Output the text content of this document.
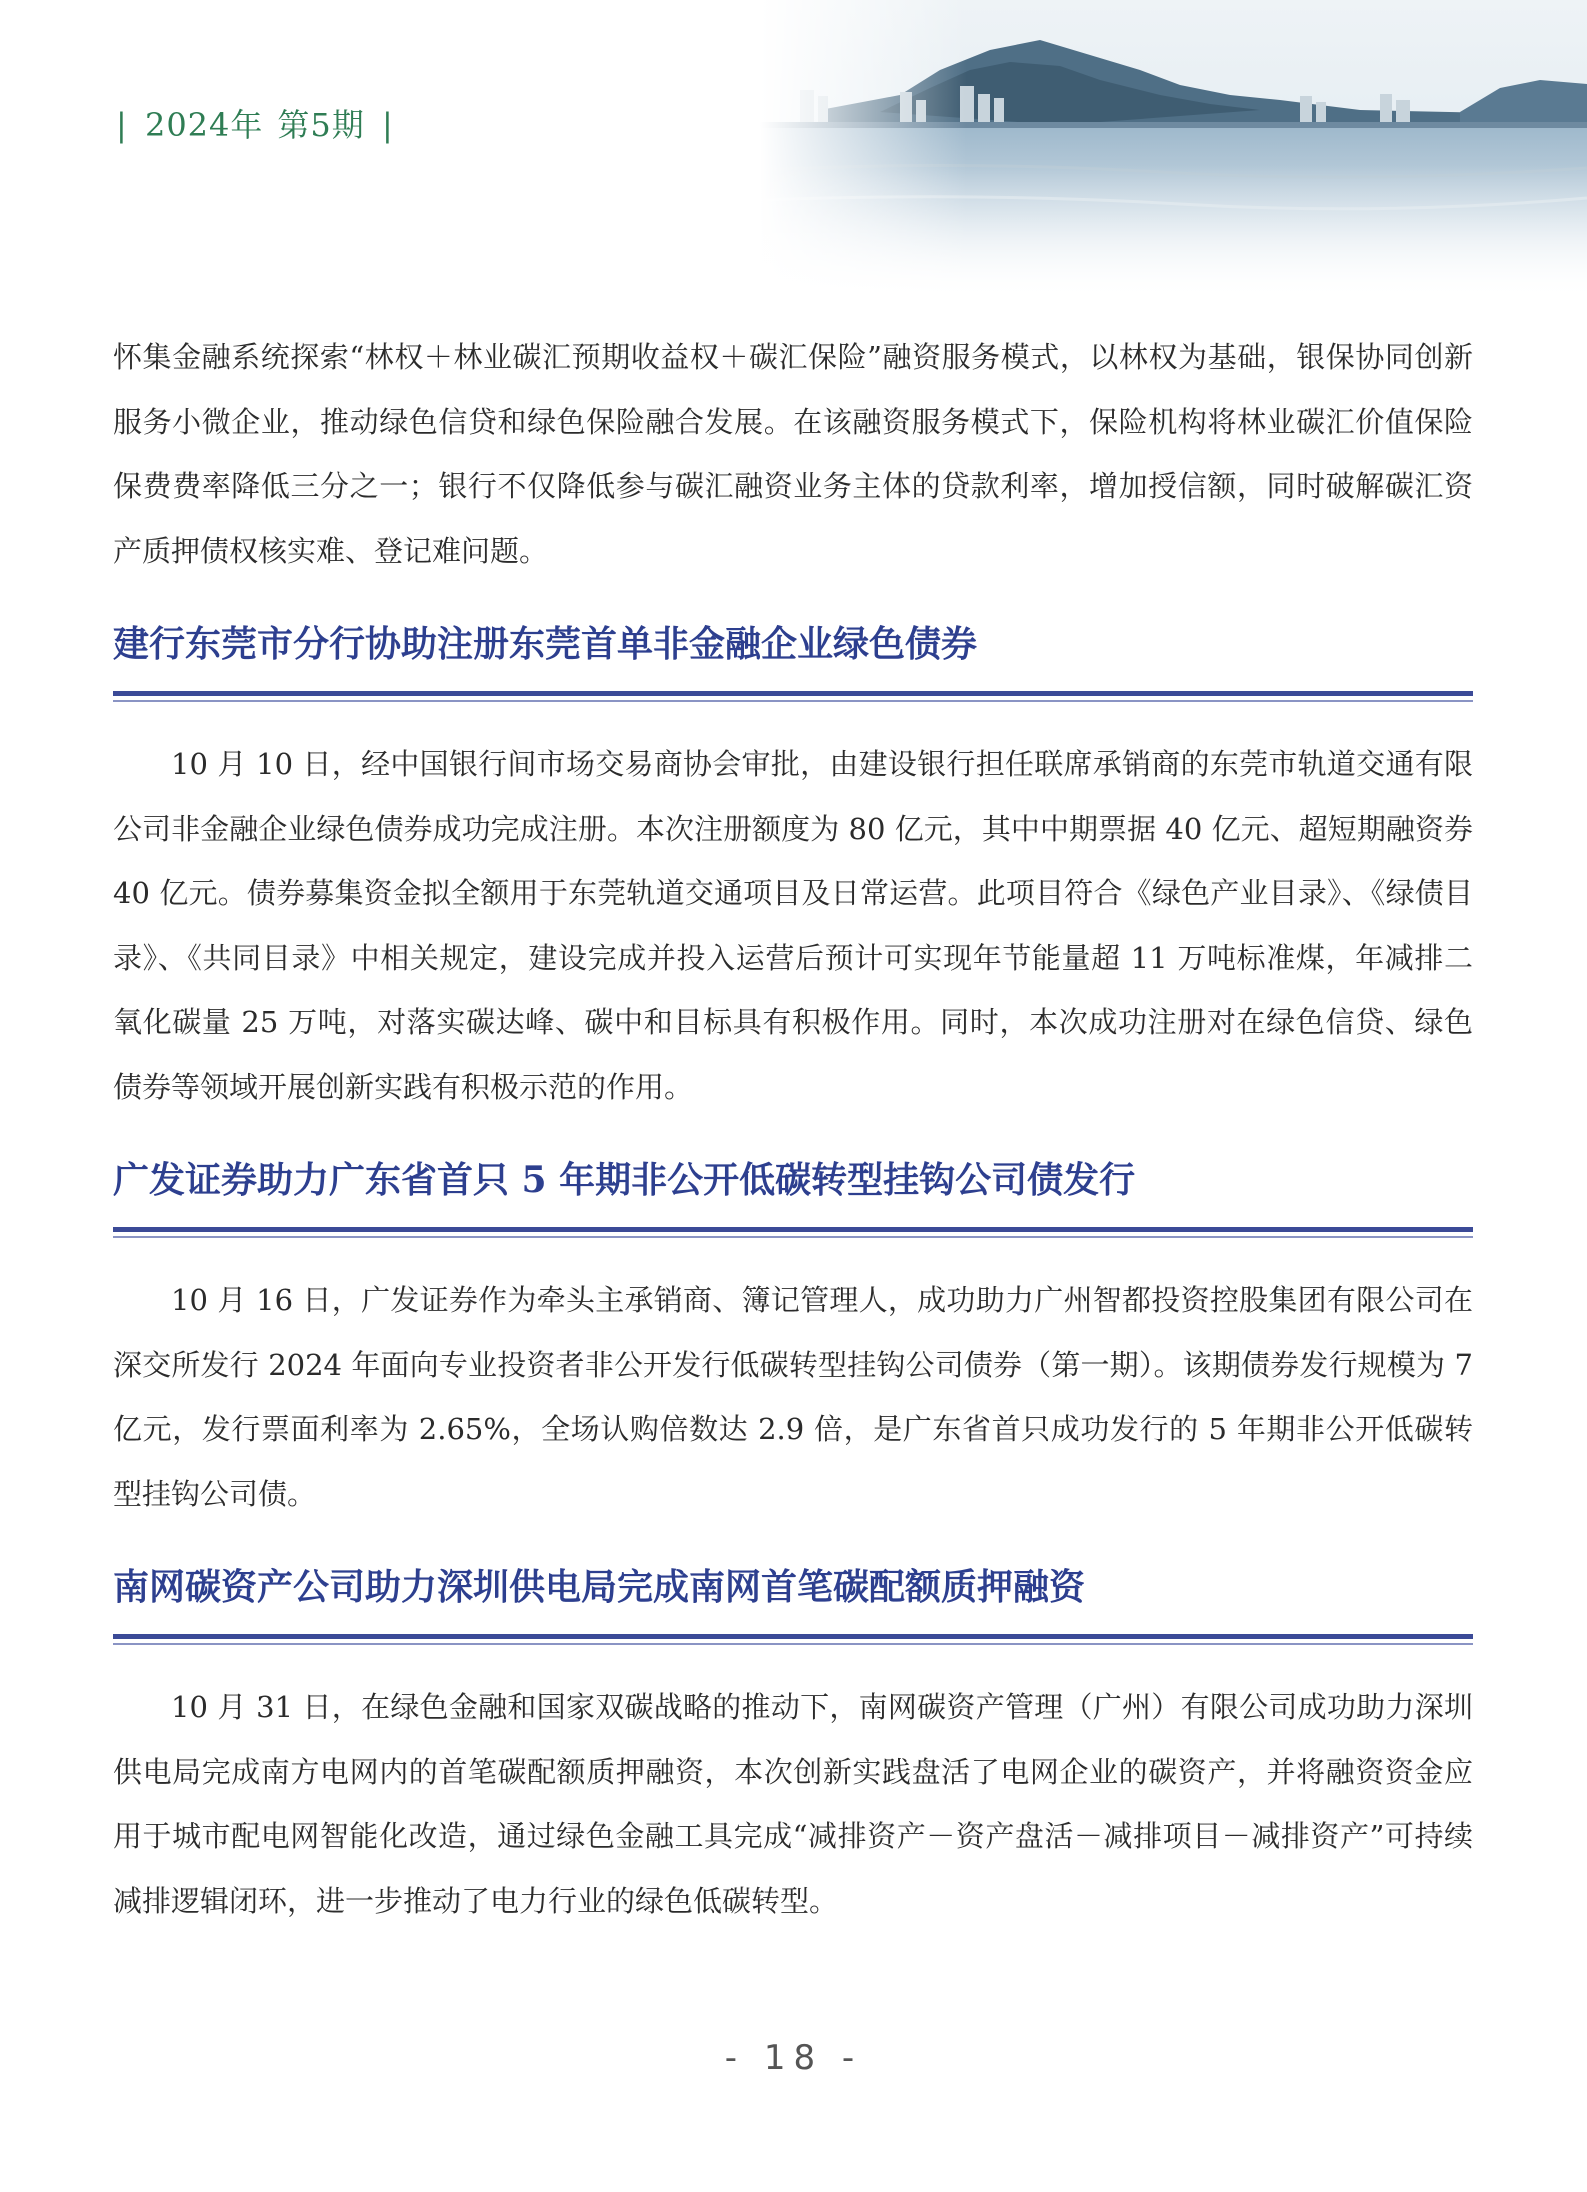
| 2024年 第5期 |

怀集金融系统探索“林权＋林业碳汇预期收益权＋碳汇保险”融资服务模式，以林权为基础，银保协同创新服务小微企业，推动绿色信贷和绿色保险融合发展。在该融资服务模式下，保险机构将林业碳汇价值保险保费费率降低三分之一；银行不仅降低参与碳汇融资业务主体的贷款利率，增加授信额，同时破解碳汇资产质押债权核实难、登记难问题。

建行东莞市分行协助注册东莞首单非金融企业绿色债券

10 月 10 日，经中国银行间市场交易商协会审批，由建设银行担任联席承销商的东莞市轨道交通有限公司非金融企业绿色债券成功完成注册。本次注册额度为 80 亿元，其中中期票据 40 亿元、超短期融资券 40 亿元。债券募集资金拟全额用于东莞轨道交通项目及日常运营。此项目符合《绿色产业目录》、《绿债目录》、《共同目录》中相关规定，建设完成并投入运营后预计可实现年节能量超 11 万吨标准煤，年减排二氧化碳量 25 万吨，对落实碳达峰、碳中和目标具有积极作用。同时，本次成功注册对在绿色信贷、绿色债券等领域开展创新实践有积极示范的作用。

广发证券助力广东省首只 5 年期非公开低碳转型挂钩公司债发行

10 月 16 日，广发证券作为牵头主承销商、簿记管理人，成功助力广州智都投资控股集团有限公司在深交所发行 2024 年面向专业投资者非公开发行低碳转型挂钩公司债券（第一期）。该期债券发行规模为 7 亿元，发行票面利率为 2.65%，全场认购倍数达 2.9 倍，是广东省首只成功发行的 5 年期非公开低碳转型挂钩公司债。

南网碳资产公司助力深圳供电局完成南网首笔碳配额质押融资

10 月 31 日，在绿色金融和国家双碳战略的推动下，南网碳资产管理（广州）有限公司成功助力深圳供电局完成南方电网内的首笔碳配额质押融资，本次创新实践盘活了电网企业的碳资产，并将融资资金应用于城市配电网智能化改造，通过绿色金融工具完成“减排资产－资产盘活－减排项目－减排资产”可持续减排逻辑闭环，进一步推动了电力行业的绿色低碳转型。

- 18 -
